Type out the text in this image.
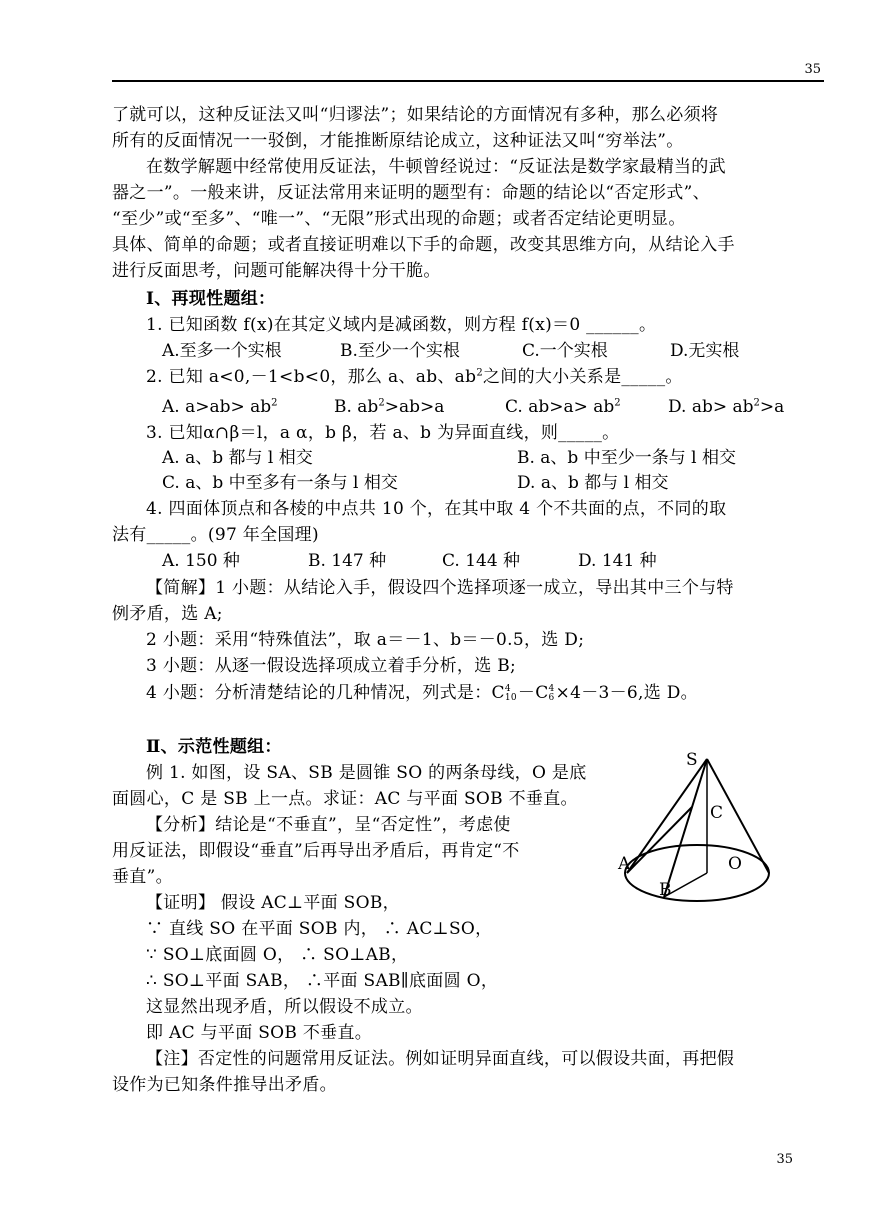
35
了就可以，这种反证法又叫“归谬法”；如果结论的方面情况有多种，那么必须将
所有的反面情况一一驳倒，才能推断原结论成立，这种证法又叫“穷举法”。
在数学解题中经常使用反证法，牛顿曾经说过：“反证法是数学家最精当的武
器之一”。一般来讲，反证法常用来证明的题型有：命题的结论以“否定形式”、
“至少”或“至多”、“唯一”、“无限”形式出现的命题；或者否定结论更明显。
具体、简单的命题；或者直接证明难以下手的命题，改变其思维方向，从结论入手
进行反面思考，问题可能解决得十分干脆。
Ⅰ、再现性题组：
1. 已知函数 f(x)在其定义域内是减函数，则方程 f(x)＝0 ______。
A.至多一个实根	B.至少一个实根	C.一个实根	D.无实根
2. 已知 a<0,－1<b<0，那么 a、ab、$ab^2$之间的大小关系是_____。
A. $a>ab> ab^2$	B. $ab^2>ab>a$	C. $ab>a> ab^2$	D. $ab> ab^2>a$
3. 已知α∩β＝l，a α，b β，若 a、b 为异面直线，则_____。
A. a、b 都与 l 相交	B. a、b 中至少一条与 l 相交
C. a、b 中至多有一条与 l 相交	D. a、b 都与 l 相交
4. 四面体顶点和各棱的中点共 10 个，在其中取 4 个不共面的点，不同的取
法有_____。(97 年全国理)
A. 150 种	B. 147 种	C. 144 种	D. 141 种
【简解】1 小题：从结论入手，假设四个选择项逐一成立，导出其中三个与特
例矛盾，选 A;
2 小题：采用“特殊值法”，取 a＝－1、b＝－0.5，选 D;
3 小题：从逐一假设选择项成立着手分析，选 B;
4 小题：分析清楚结论的几种情况，列式是：C4
10－C4
6×4－3－6,选 D。
Ⅱ、示范性题组：
例 1. 如图，设 SA、SB 是圆锥 SO 的两条母线，O 是底
面圆心，C 是 SB 上一点。求证：AC 与平面 SOB 不垂直。
【分析】结论是“不垂直”，呈“否定性”，考虑使
用反证法，即假设“垂直”后再导出矛盾后，再肯定“不
垂直”。
【证明】 假设 AC⊥平面 SOB，
∵ 直线 SO 在平面 SOB 内， ∴ AC⊥SO，
∵ SO⊥底面圆 O， ∴ SO⊥AB，
∴ SO⊥平面 SAB， ∴平面 SAB∥底面圆 O，
这显然出现矛盾，所以假设不成立。
即 AC 与平面 SOB 不垂直。
【注】否定性的问题常用反证法。例如证明异面直线，可以假设共面，再把假
设作为已知条件推导出矛盾。
S
C
A	O
B
35
